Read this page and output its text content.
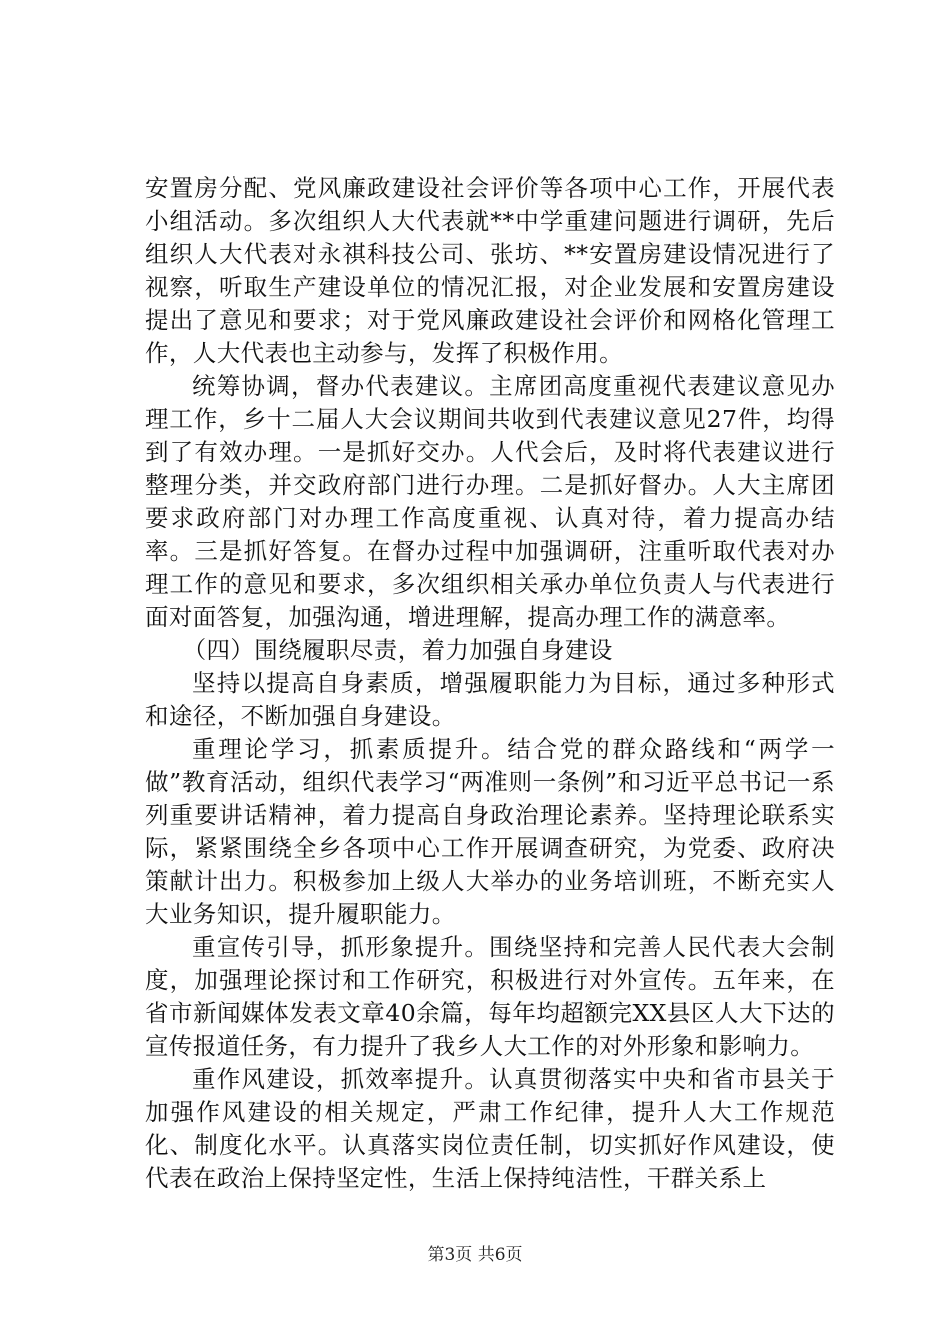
安置房分配、党风廉政建设社会评价等各项中心工作，开展代表小组活动。多次组织人大代表就**中学重建问题进行调研，先后组织人大代表对永祺科技公司、张坊、**安置房建设情况进行了视察，听取生产建设单位的情况汇报，对企业发展和安置房建设提出了意见和要求；对于党风廉政建设社会评价和网格化管理工作，人大代表也主动参与，发挥了积极作用。

统筹协调，督办代表建议。主席团高度重视代表建议意见办理工作，乡十二届人大会议期间共收到代表建议意见27件，均得到了有效办理。一是抓好交办。人代会后，及时将代表建议进行整理分类，并交政府部门进行办理。二是抓好督办。人大主席团要求政府部门对办理工作高度重视、认真对待，着力提高办结率。三是抓好答复。在督办过程中加强调研，注重听取代表对办理工作的意见和要求，多次组织相关承办单位负责人与代表进行面对面答复，加强沟通，增进理解，提高办理工作的满意率。

（四）围绕履职尽责，着力加强自身建设

坚持以提高自身素质，增强履职能力为目标，通过多种形式和途径，不断加强自身建设。

重理论学习，抓素质提升。结合党的群众路线和“两学一做”教育活动，组织代表学习“两准则一条例”和习近平总书记一系列重要讲话精神，着力提高自身政治理论素养。坚持理论联系实际，紧紧围绕全乡各项中心工作开展调查研究，为党委、政府决策献计出力。积极参加上级人大举办的业务培训班，不断充实人大业务知识，提升履职能力。

重宣传引导，抓形象提升。围绕坚持和完善人民代表大会制度，加强理论探讨和工作研究，积极进行对外宣传。五年来，在省市新闻媒体发表文章40余篇，每年均超额完XX县区人大下达的宣传报道任务，有力提升了我乡人大工作的对外形象和影响力。

重作风建设，抓效率提升。认真贯彻落实中央和省市县关于加强作风建设的相关规定，严肃工作纪律，提升人大工作规范化、制度化水平。认真落实岗位责任制，切实抓好作风建设，使代表在政治上保持坚定性，生活上保持纯洁性，干群关系上

第3页 共6页
